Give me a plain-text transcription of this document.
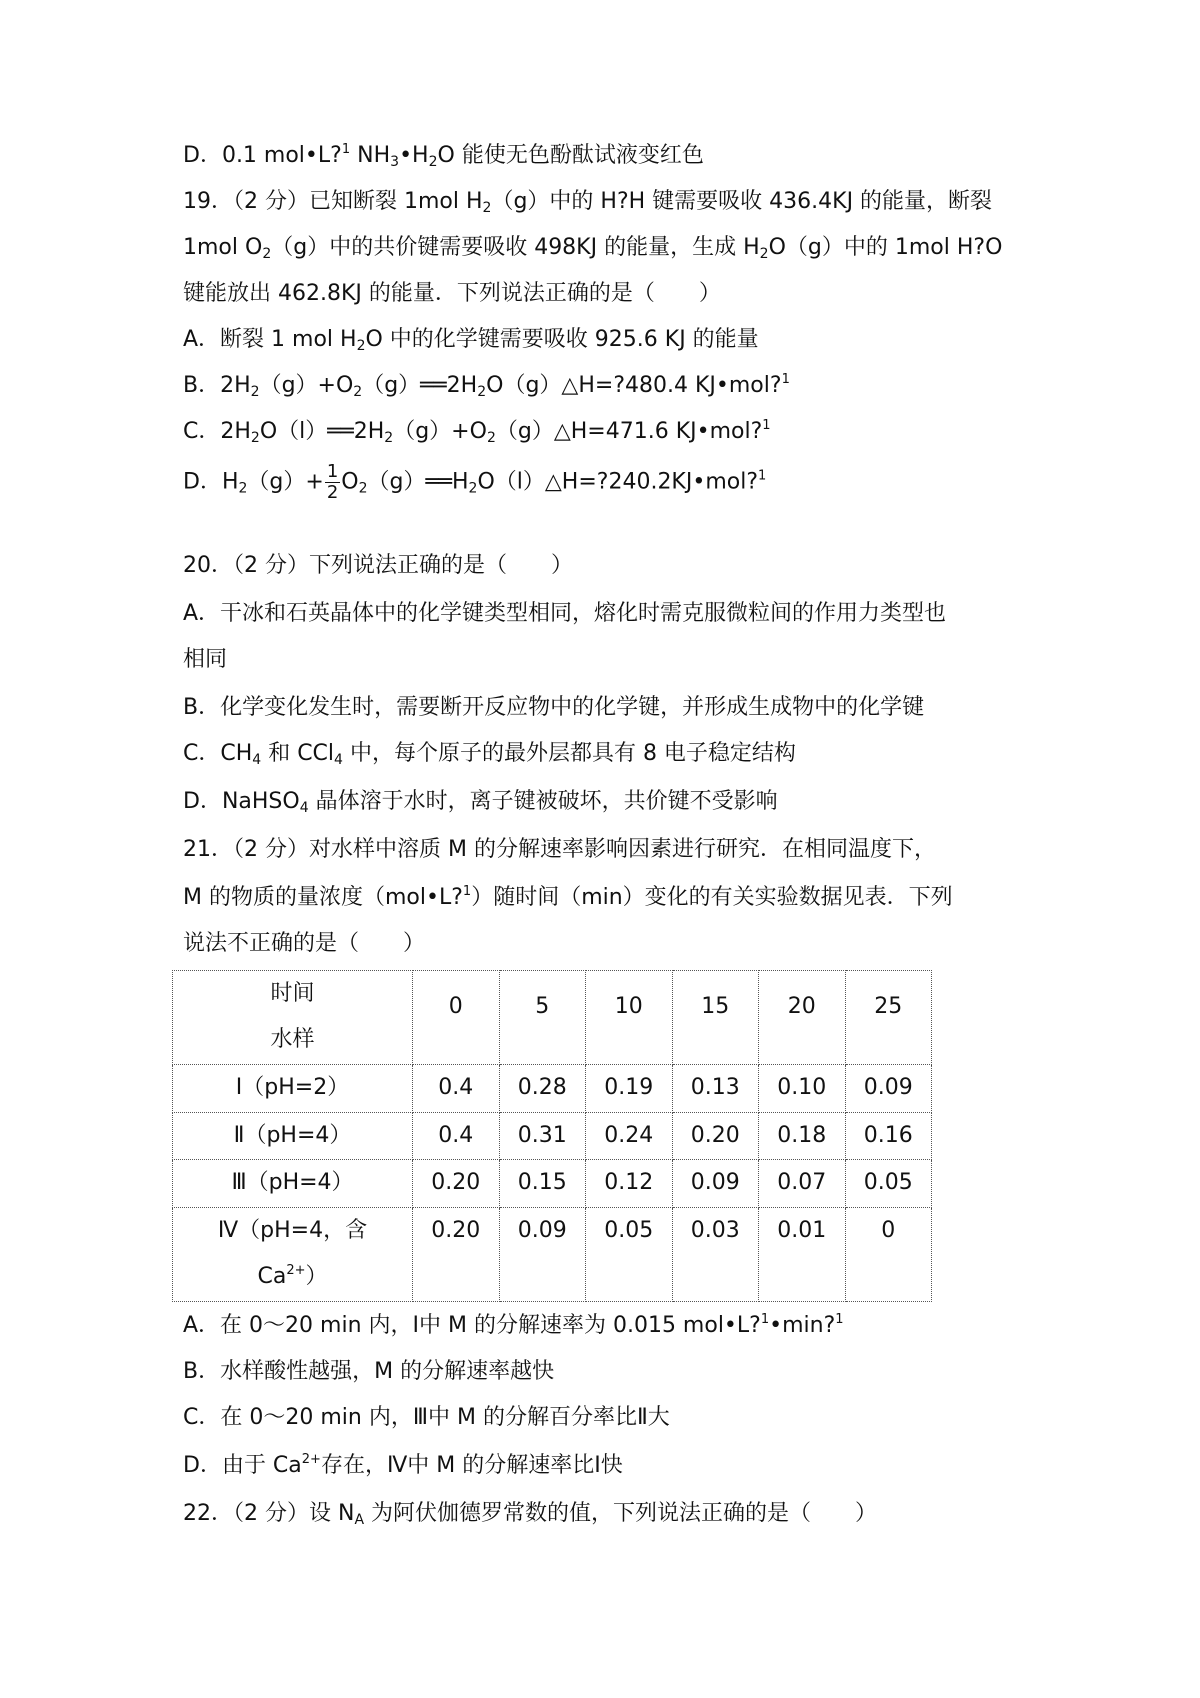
D．0.1 mol•L?$^1$ $NH_3•H_2O$ 能使无色酚酞试液变红色
19．（2 分）已知断裂 1mol $H_2(g)$中的 H?H 键需要吸收 436.4KJ 的能量，断裂
1mol $O_2(g)$中的共价键需要吸收 498KJ 的能量，生成 $H_2O(g)$中的 1mol H?O
键能放出 462.8KJ 的能量．下列说法正确的是（　　）
A．断裂 1 mol $H_2O$ 中的化学键需要吸收 925.6 KJ 的能量
B．$2H_2(g)+O_2(g)══2H_2O(g)\triangle H=?480.4$ KJ•mol?$^1$
C．$2H_2O(l)══2H_2(g)+O_2(g)\triangle H=471.6$ KJ•mol?$^1$
D．$H_2(g)+ \frac{1}{2}$ $O_2(g)══H_2O(l)\triangle H=?240.2KJ•mol?^1$
20．（2 分）下列说法正确的是（　　）
A．干冰和石英晶体中的化学键类型相同，熔化时需克服微粒间的作用力类型也
相同
B．化学变化发生时，需要断开反应物中的化学键，并形成生成物中的化学键
C．$CH_4$ 和 CCl$_4$ 中，每个原子的最外层都具有 8 电子稳定结构
D．NaHSO$_4$ 晶体溶于水时，离子键被破坏，共价键不受影响
21．（2 分）对水样中溶质 M 的分解速率影响因素进行研究．在相同温度下，
M 的物质的量浓度（mol•L?$^1$）随时间（min）变化的有关实验数据见表．下列
说法不正确的是（　　）
时间
水样	0	5	10	15	20	25
Ⅰ（pH=2）	0.4	0.28	0.19	0.13	0.10	0.09
Ⅱ（pH=4）	0.4	0.31	0.24	0.20	0.18	0.16
Ⅲ（pH=4）	0.20	0.15	0.12	0.09	0.07	0.05

Ⅳ（pH=4，含
$Ca^{2+}$）	0.20	0.09	0.05	0.03	0.01	0
A．在 0～20 min 内，Ⅰ中 M 的分解速率为 0.015 mol•L?$^1$•min?$^1$
B．水样酸性越强，M 的分解速率越快
C．在 0～20 min 内，Ⅲ中 M 的分解百分率比Ⅱ大
D．由于 $Ca^{2+}$存在，Ⅳ中 M 的分解速率比Ⅰ快
22．（2 分）设 $N_A$ 为阿伏伽德罗常数的值，下列说法正确的是（　　）
